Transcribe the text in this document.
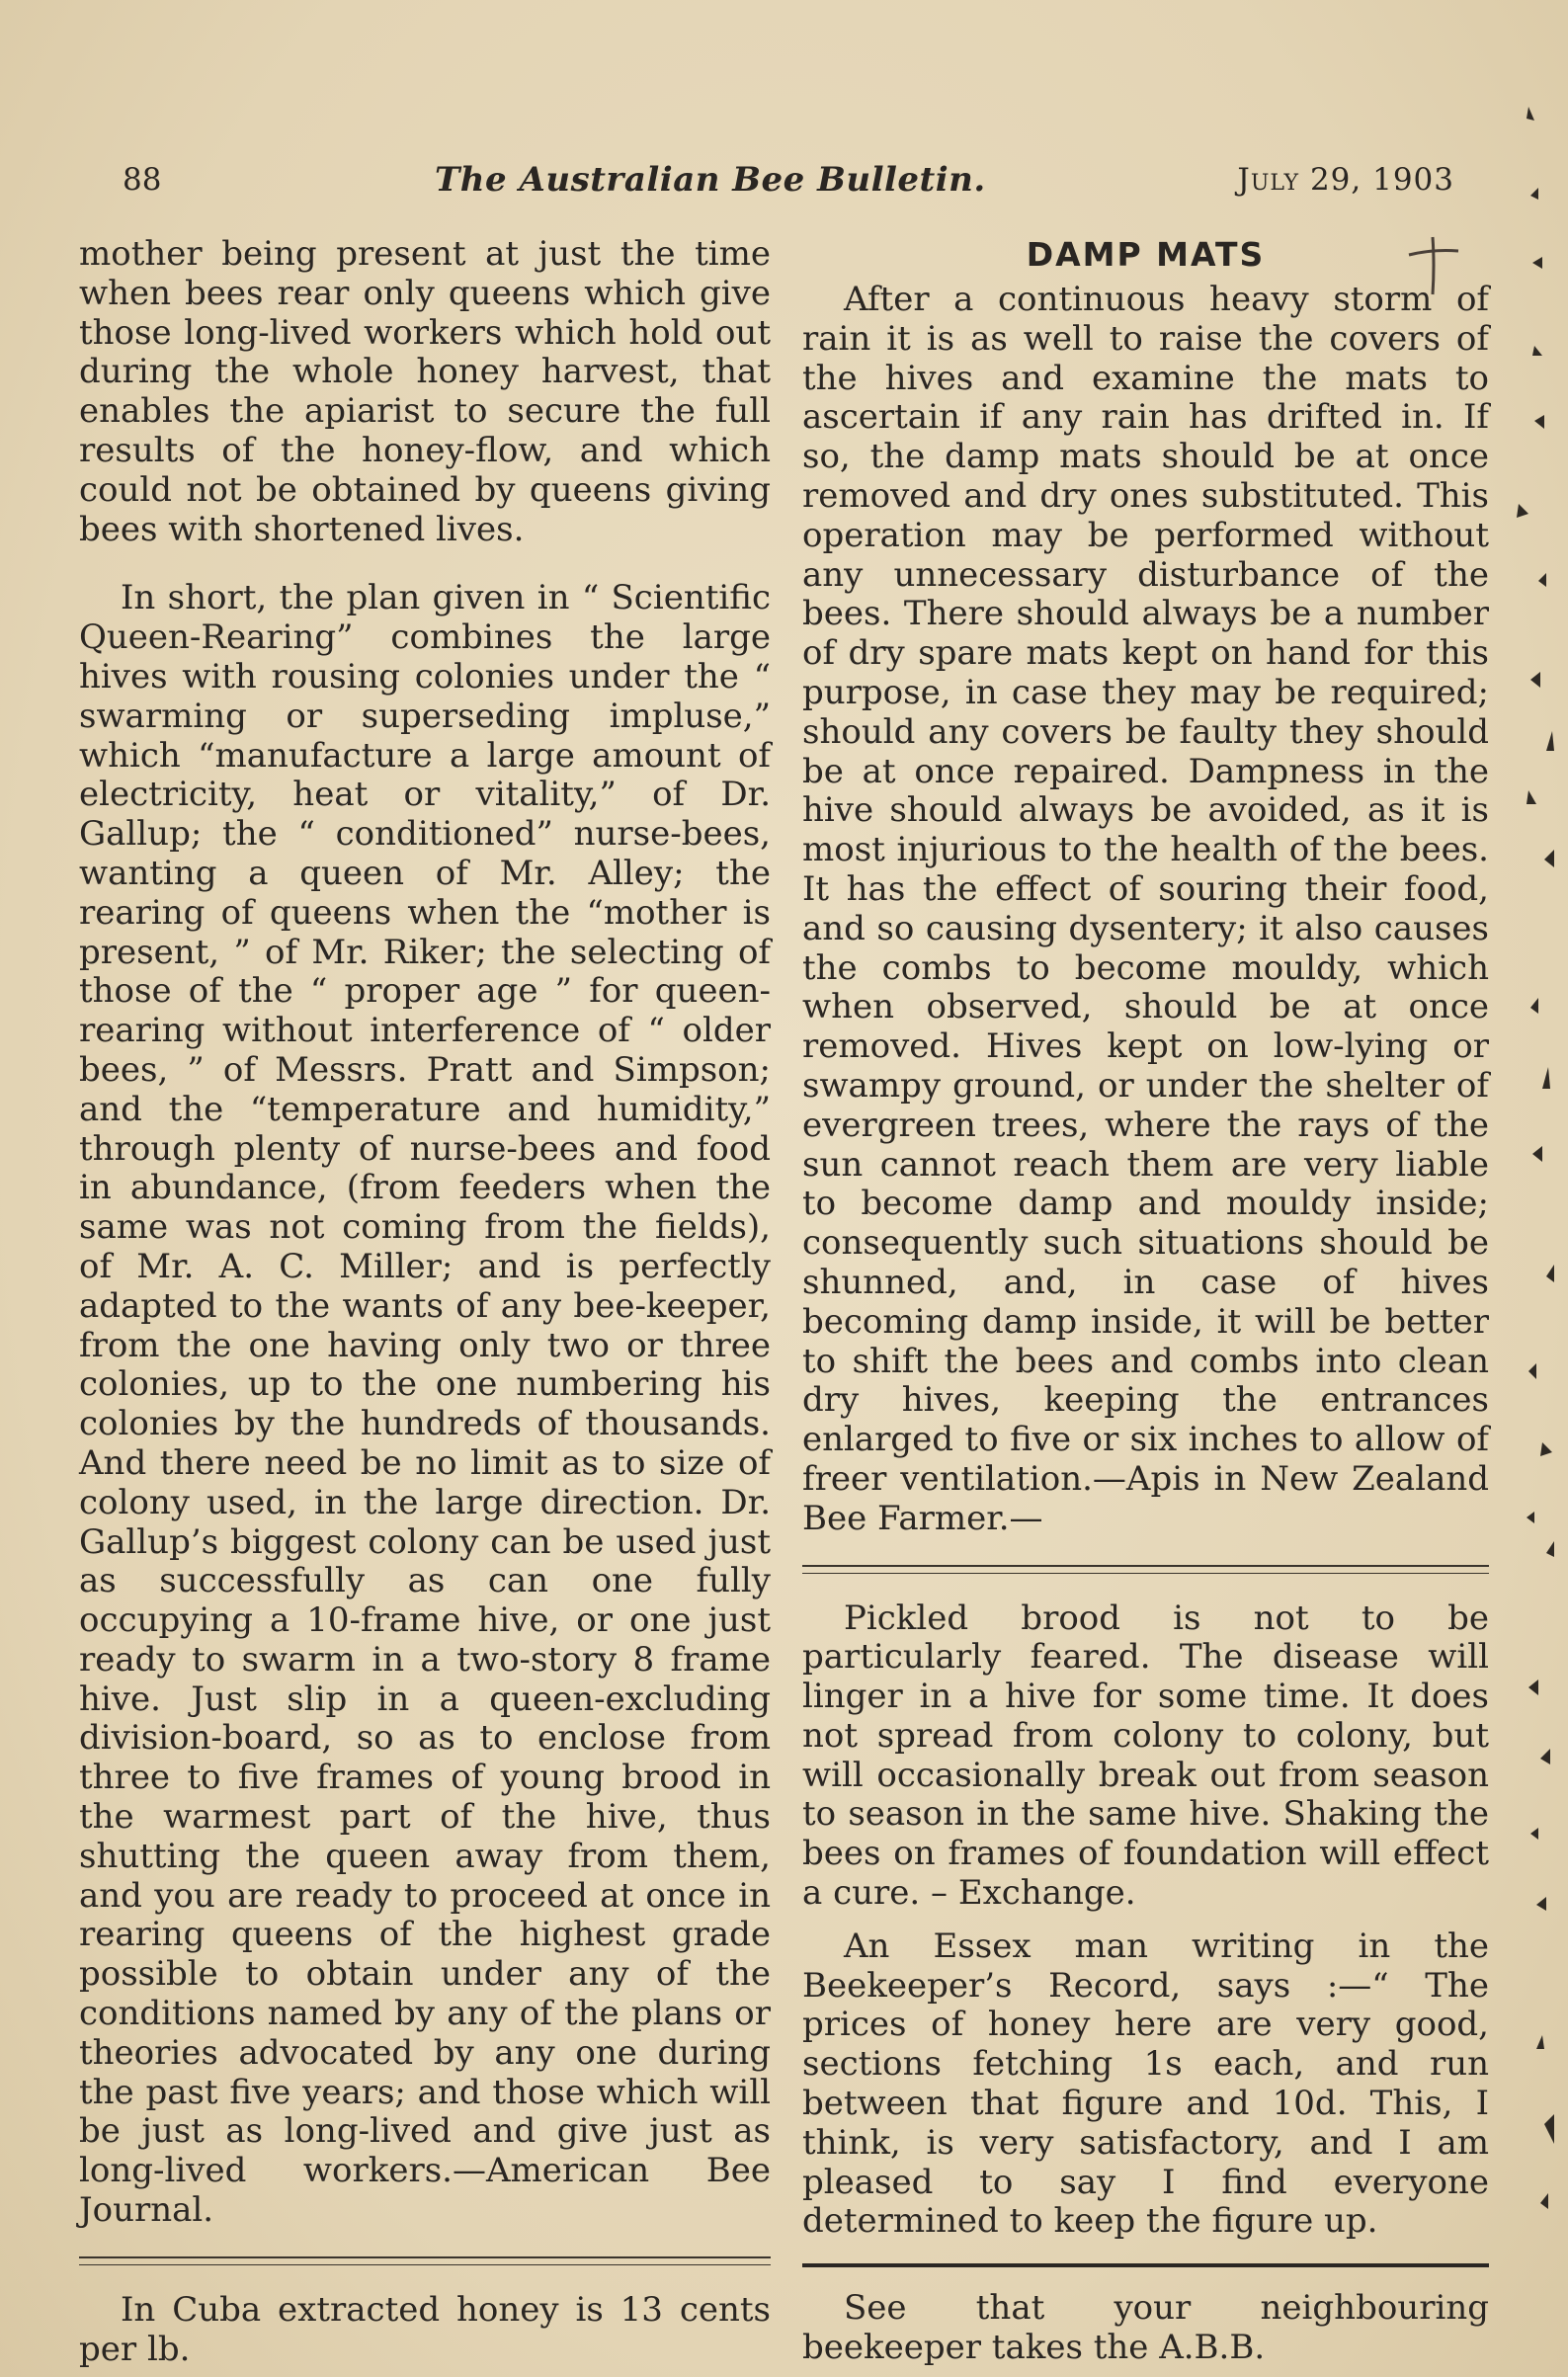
88	The Australian Bee Bulletin.	July 29, 1903

mother being present at just the time when bees rear only queens which give those long-lived workers which hold out during the whole honey harvest, that enables the apiarist to secure the full results of the honey-flow, and which could not be obtained by queens giving bees with shortened lives.

In short, the plan given in “ Scientific Queen-Rearing” combines the large hives with rousing colonies under the “ swarming or superseding impluse,” which “manufacture a large amount of electricity, heat or vitality,” of Dr. Gallup; the “ conditioned” nurse-bees, wanting a queen of Mr. Alley; the rearing of queens when the “mother is present, ” of Mr. Riker; the selecting of those of the “ proper age ” for queen-rearing without interference of “ older bees, ” of Messrs. Pratt and Simpson; and the “temperature and humidity,” through plenty of nurse-bees and food in abundance, (from feeders when the same was not coming from the fields), of Mr. A. C. Miller; and is perfectly adapted to the wants of any bee-keeper, from the one having only two or three colonies, up to the one numbering his colonies by the hundreds of thousands. And there need be no limit as to size of colony used, in the large direction. Dr. Gallup’s biggest colony can be used just as successfully as can one fully occupying a 10-frame hive, or one just ready to swarm in a two-story 8 frame hive. Just slip in a queen-excluding division-board, so as to enclose from three to five frames of young brood in the warmest part of the hive, thus shutting the queen away from them, and you are ready to proceed at once in rearing queens of the highest grade possible to obtain under any of the conditions named by any of the plans or theories advocated by any one during the past five years; and those which will be just as long-lived and give just as long-lived workers.—American Bee Journal.

In Cuba extracted honey is 13 cents per lb.

DAMP MATS

After a continuous heavy storm of rain it is as well to raise the covers of the hives and examine the mats to ascertain if any rain has drifted in. If so, the damp mats should be at once removed and dry ones substituted. This operation may be performed without any unnecessary disturbance of the bees. There should always be a number of dry spare mats kept on hand for this purpose, in case they may be required; should any covers be faulty they should be at once repaired. Dampness in the hive should always be avoided, as it is most injurious to the health of the bees. It has the effect of souring their food, and so causing dysentery; it also causes the combs to become mouldy, which when observed, should be at once removed. Hives kept on low-lying or swampy ground, or under the shelter of evergreen trees, where the rays of the sun cannot reach them are very liable to become damp and mouldy inside; consequently such situations should be shunned, and, in case of hives becoming damp inside, it will be better to shift the bees and combs into clean dry hives, keeping the entrances enlarged to five or six inches to allow of freer ventilation.—Apis in New Zealand Bee Farmer.—

Pickled brood is not to be particularly feared. The disease will linger in a hive for some time. It does not spread from colony to colony, but will occasionally break out from season to season in the same hive. Shaking the bees on frames of foundation will effect a cure. – Exchange.

An Essex man writing in the Beekeeper’s Record, says :—“ The prices of honey here are very good, sections fetching 1s each, and run between that figure and 10d. This, I think, is very satisfactory, and I am pleased to say I find everyone determined to keep the figure up.

See that your neighbouring beekeeper takes the A.B.B.
